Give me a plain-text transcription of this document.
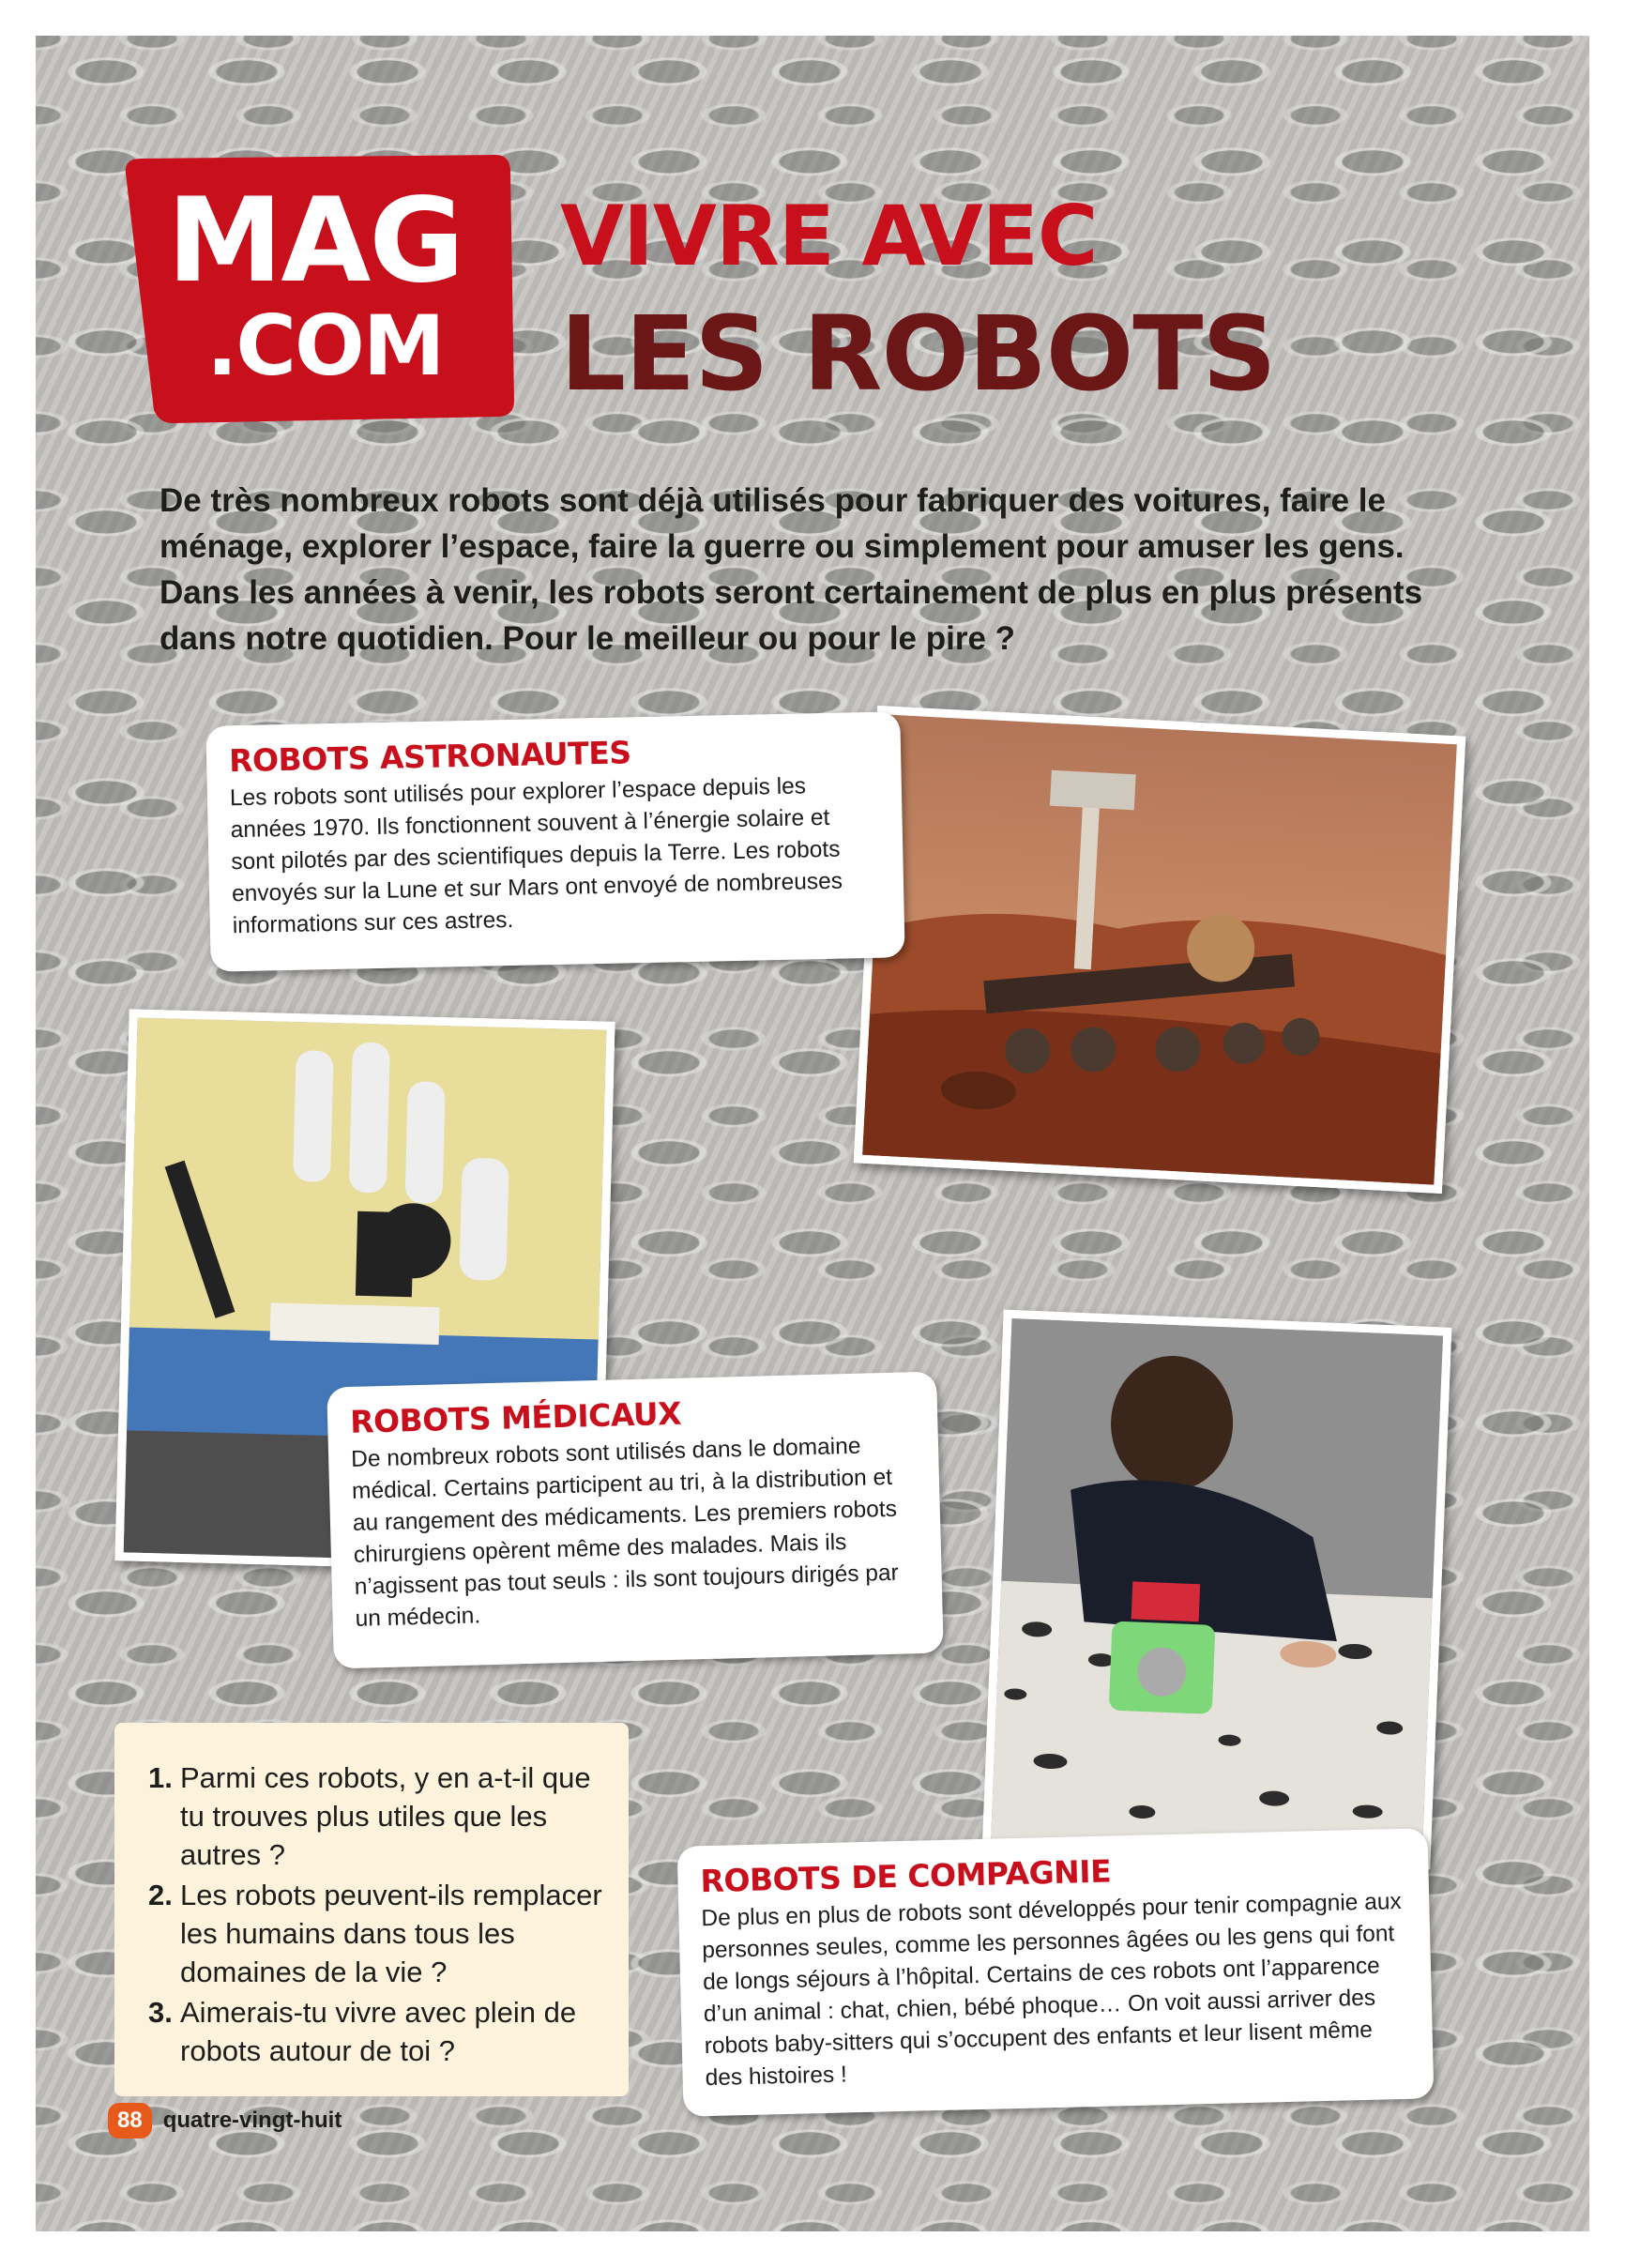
MAG
.COM
VIVRE AVEC
LES ROBOTS
De très nombreux robots sont déjà utilisés pour fabriquer des voitures, faire le ménage, explorer l’espace, faire la guerre ou simplement pour amuser les gens. Dans les années à venir, les robots seront certainement de plus en plus présents dans notre quotidien. Pour le meilleur ou pour le pire ?
ROBOTS ASTRONAUTES

Les robots sont utilisés pour explorer l’espace depuis les années 1970. Ils fonctionnent souvent à l’énergie solaire et sont pilotés par des scientifiques depuis la Terre. Les robots envoyés sur la Lune et sur Mars ont envoyé de nombreuses informations sur ces astres.

ROBOTS MÉDICAUX

De nombreux robots sont utilisés dans le domaine médical. Certains participent au tri, à la distribution et au rangement des médicaments. Les premiers robots chirurgiens opèrent même des malades. Mais ils n’agissent pas tout seuls : ils sont toujours dirigés par un médecin.

ROBOTS DE COMPAGNIE

De plus en plus de robots sont développés pour tenir compagnie aux personnes seules, comme les personnes âgées ou les gens qui font de longs séjours à l’hôpital. Certains de ces robots ont l’apparence d’un animal : chat, chien, bébé phoque… On voit aussi arriver des robots baby-sitters qui s’occupent des enfants et leur lisent même des histoires !

1. Parmi ces robots, y en a-t-il que tu trouves plus utiles que les autres ?
2. Les robots peuvent-ils remplacer les humains dans tous les domaines de la vie ?
3. Aimerais-tu vivre avec plein de robots autour de toi ?
88 quatre-vingt-huit
